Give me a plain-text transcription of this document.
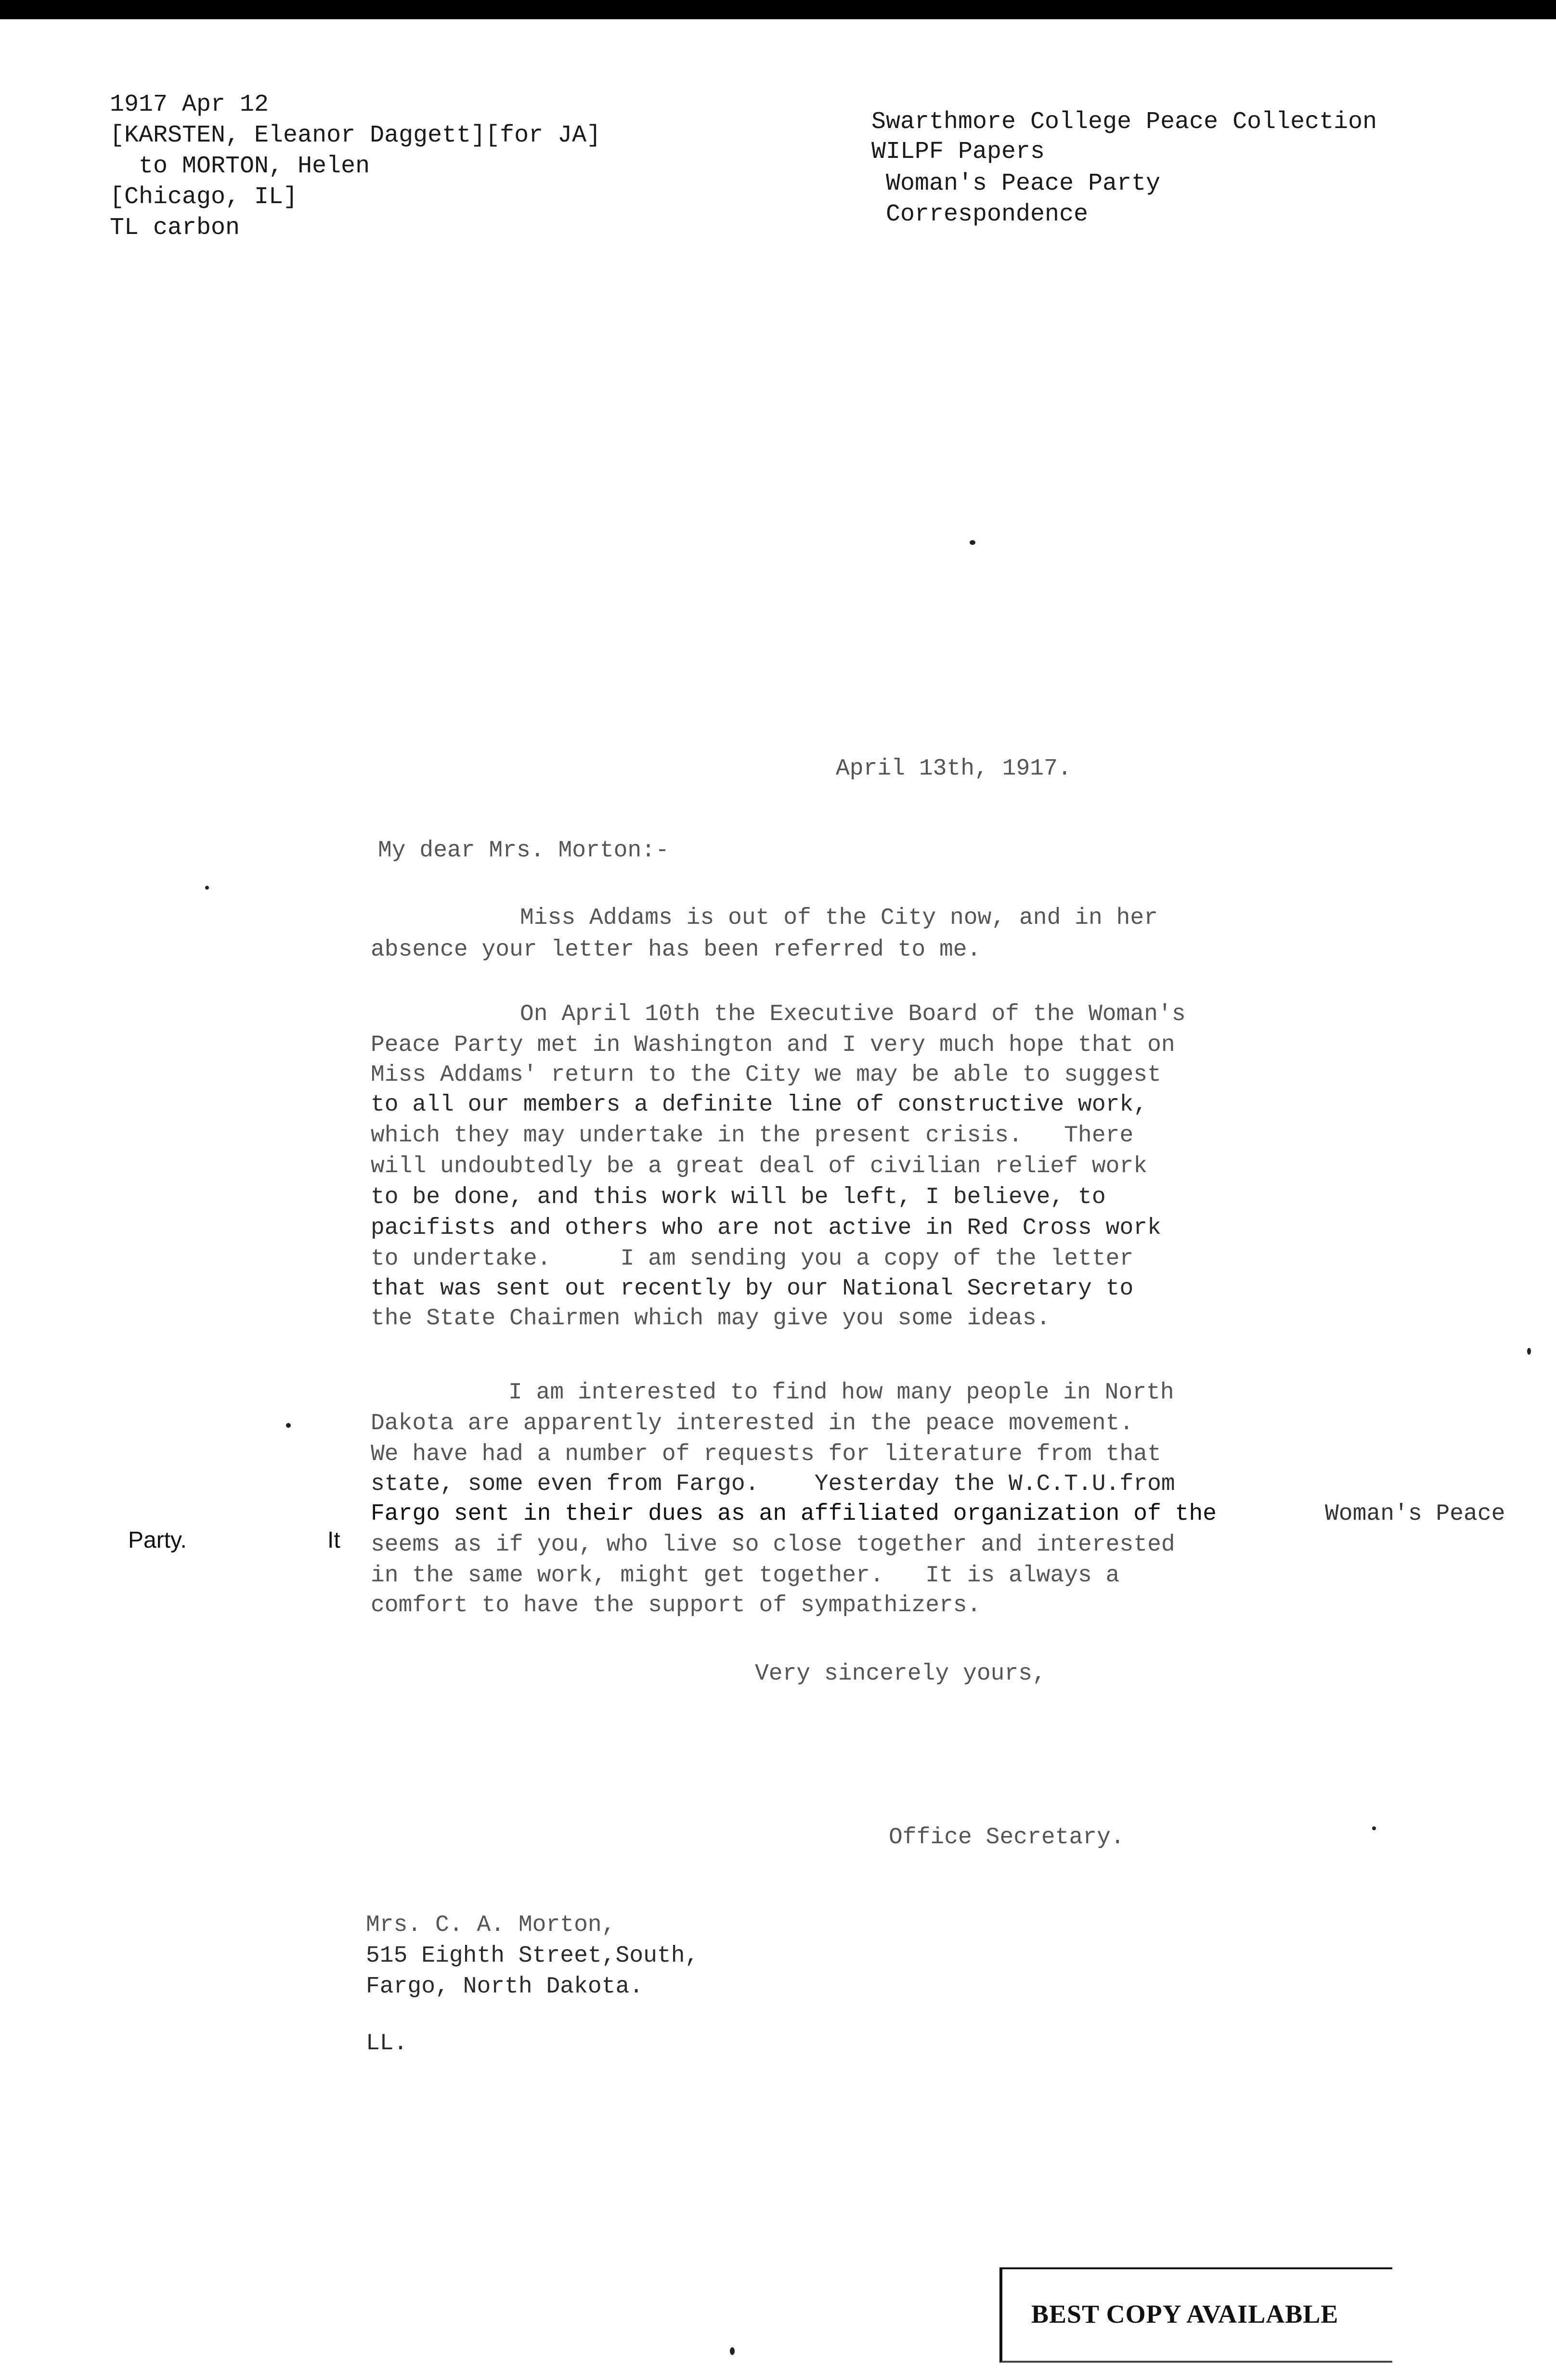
1917 Apr 12
[KARSTEN, Eleanor Daggett][for JA]
to MORTON, Helen
[Chicago, IL]
TL carbon
Swarthmore College Peace Collection
WILPF Papers
Woman's Peace Party
Correspondence
April 13th, 1917.
My dear Mrs. Morton:-
Miss Addams is out of the City now, and in her
absence your letter has been referred to me.
On April 10th the Executive Board of the Woman's
Peace Party met in Washington and I very much hope that on
Miss Addams' return to the City we may be able to suggest
to all our members a definite line of constructive work,
which they may undertake in the present crisis.   There
will undoubtedly be a great deal of civilian relief work
to be done, and this work will be left, I believe, to
pacifists and others who are not active in Red Cross work
to undertake.     I am sending you a copy of the letter
that was sent out recently by our National Secretary to
the State Chairmen which may give you some ideas.
I am interested to find how many people in North
Dakota are apparently interested in the peace movement.
We have had a number of requests for literature from that
state, some even from Fargo.    Yesterday the W.C.T.U.from
Fargo sent in their dues as an affiliated organization of the
seems as if you, who live so close together and interested
in the same work, might get together.   It is always a
comfort to have the support of sympathizers.
Woman's Peace
Party.	It
Very sincerely yours,
Office Secretary.
Mrs. C. A. Morton,
515 Eighth Street,South,
Fargo, North Dakota.
LL.
BEST COPY AVAILABLE
